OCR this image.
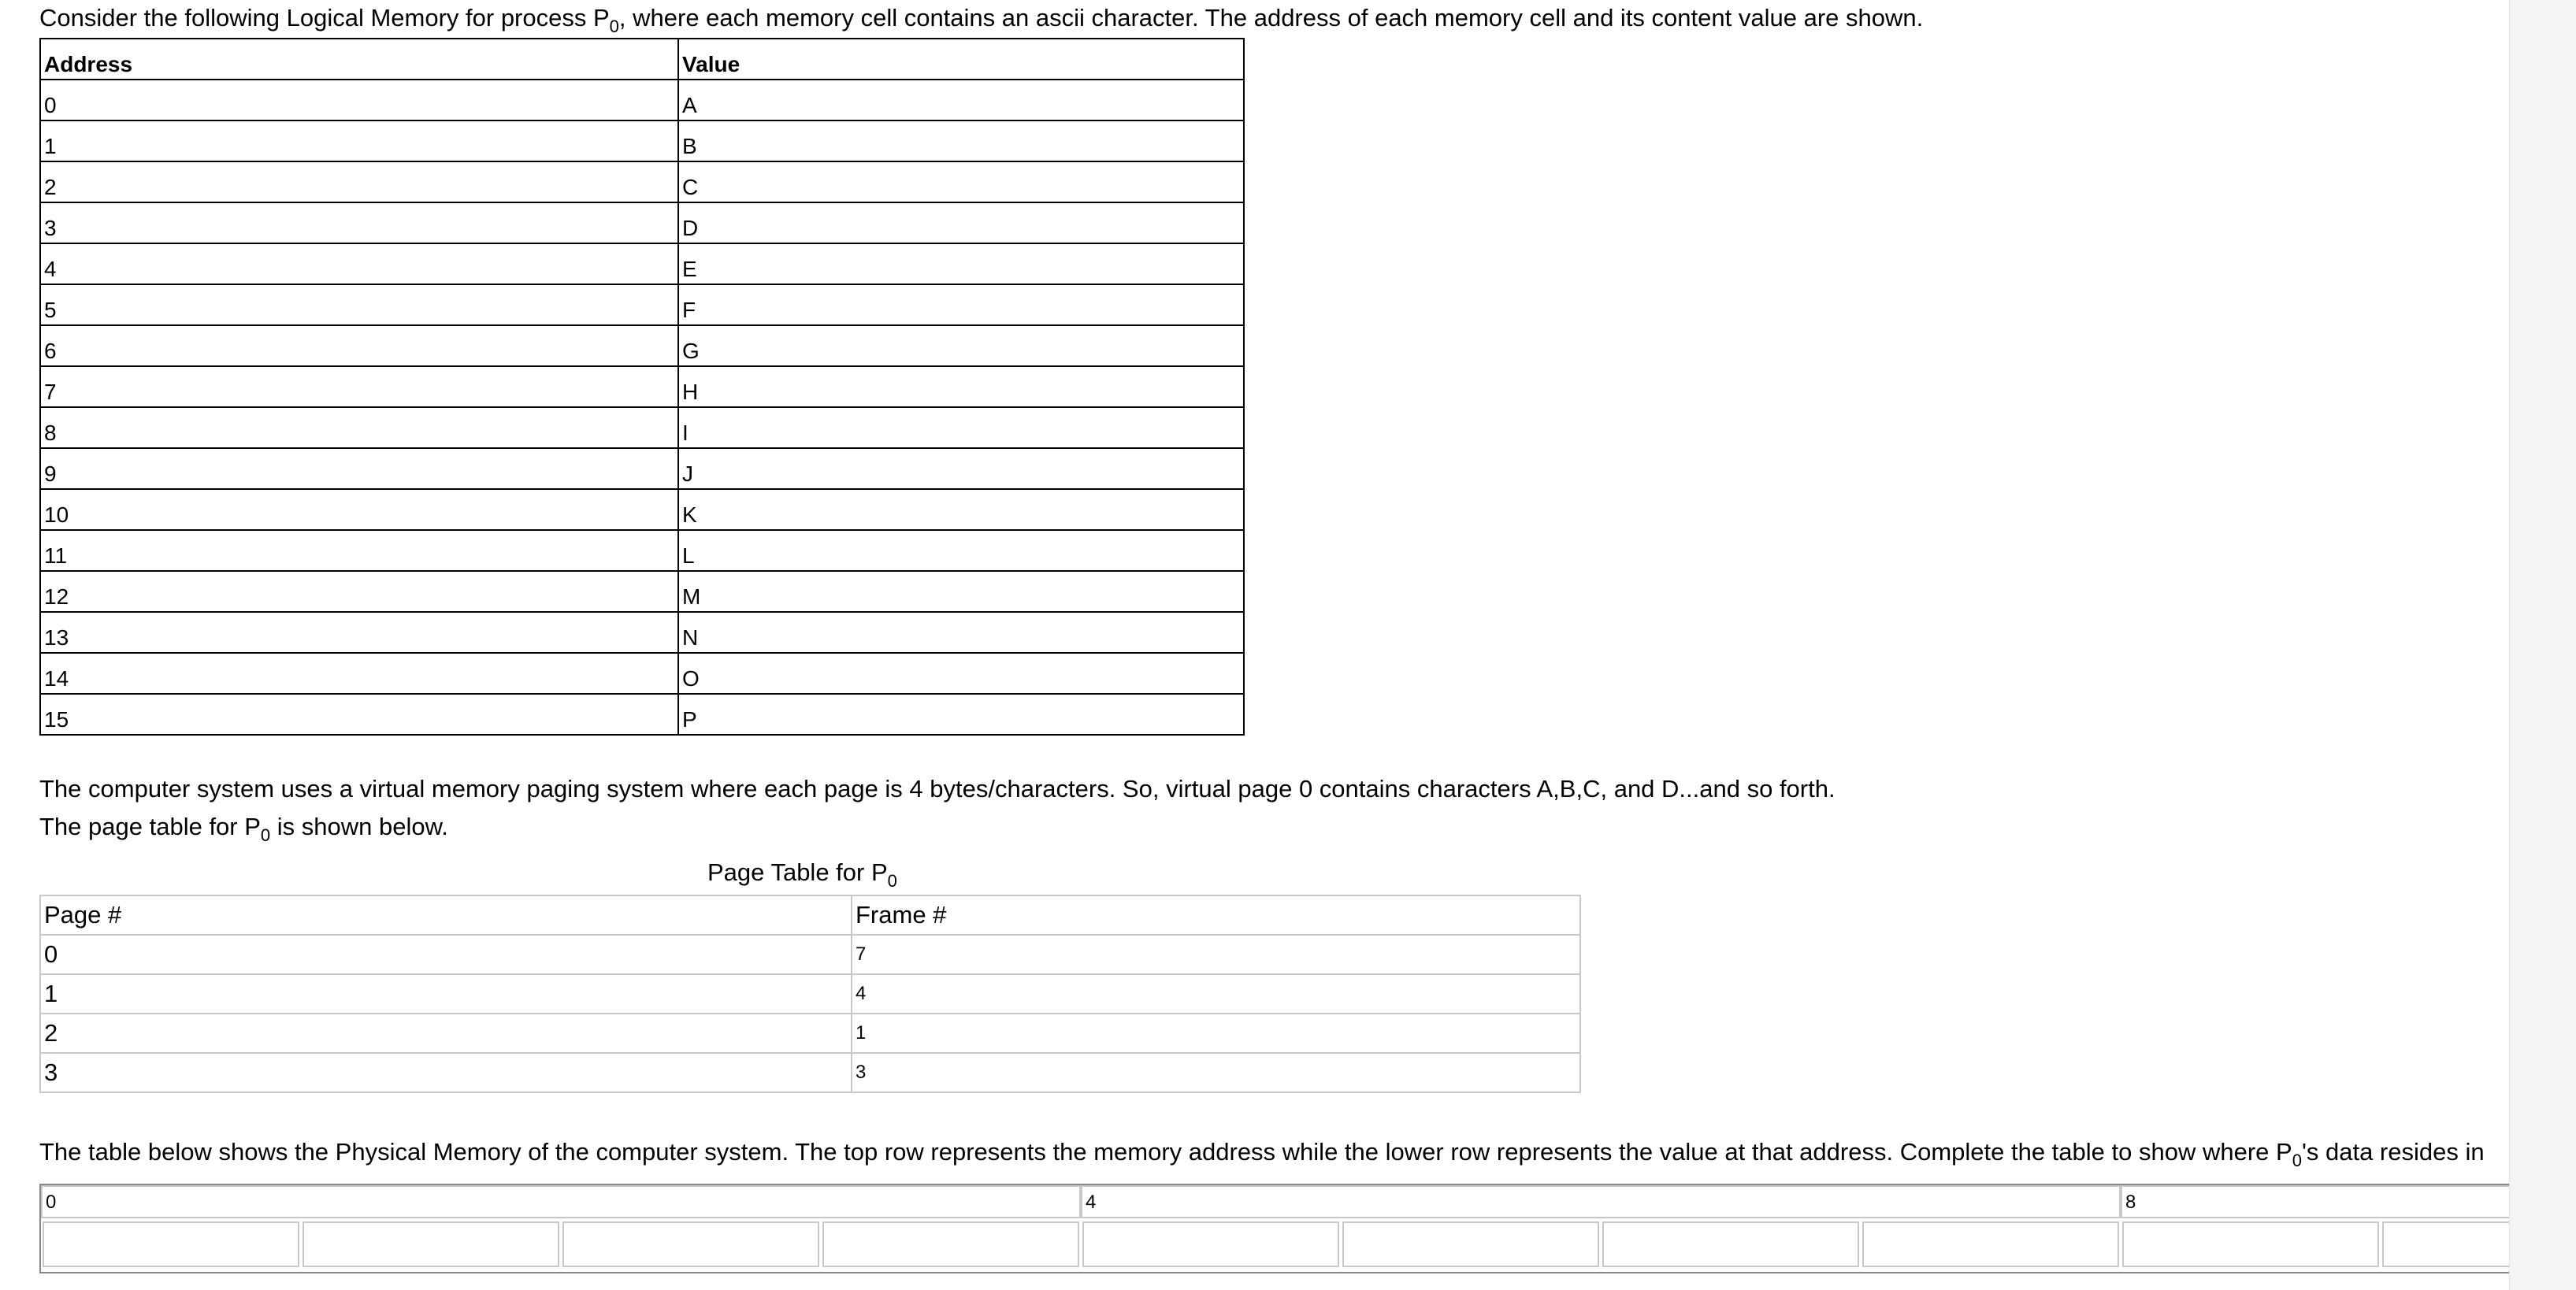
Consider the following Logical Memory for process $P_0$, where each memory cell contains an ascii character. The address of each memory cell and its content value are shown.

Address	Value
0	A
1	B
2	C
3	D
4	E
5	F
6	G
7	H
8	I
9	J
10	K
11	L
12	M
13	N
14	O
15	P

The computer system uses a virtual memory paging system where each page is 4 bytes/characters. So, virtual page 0 contains characters A,B,C, and D...and so forth.

The page table for $P_0$ is shown below.

Page Table for $P_0$
Page #	Frame #
0	7
1	4
2	1
3	3

The table below shows the Physical Memory of the computer system. The top row represents the memory address while the lower row represents the value at that address. Complete the table to show where $P_0's$ data resides in

0	4	8
